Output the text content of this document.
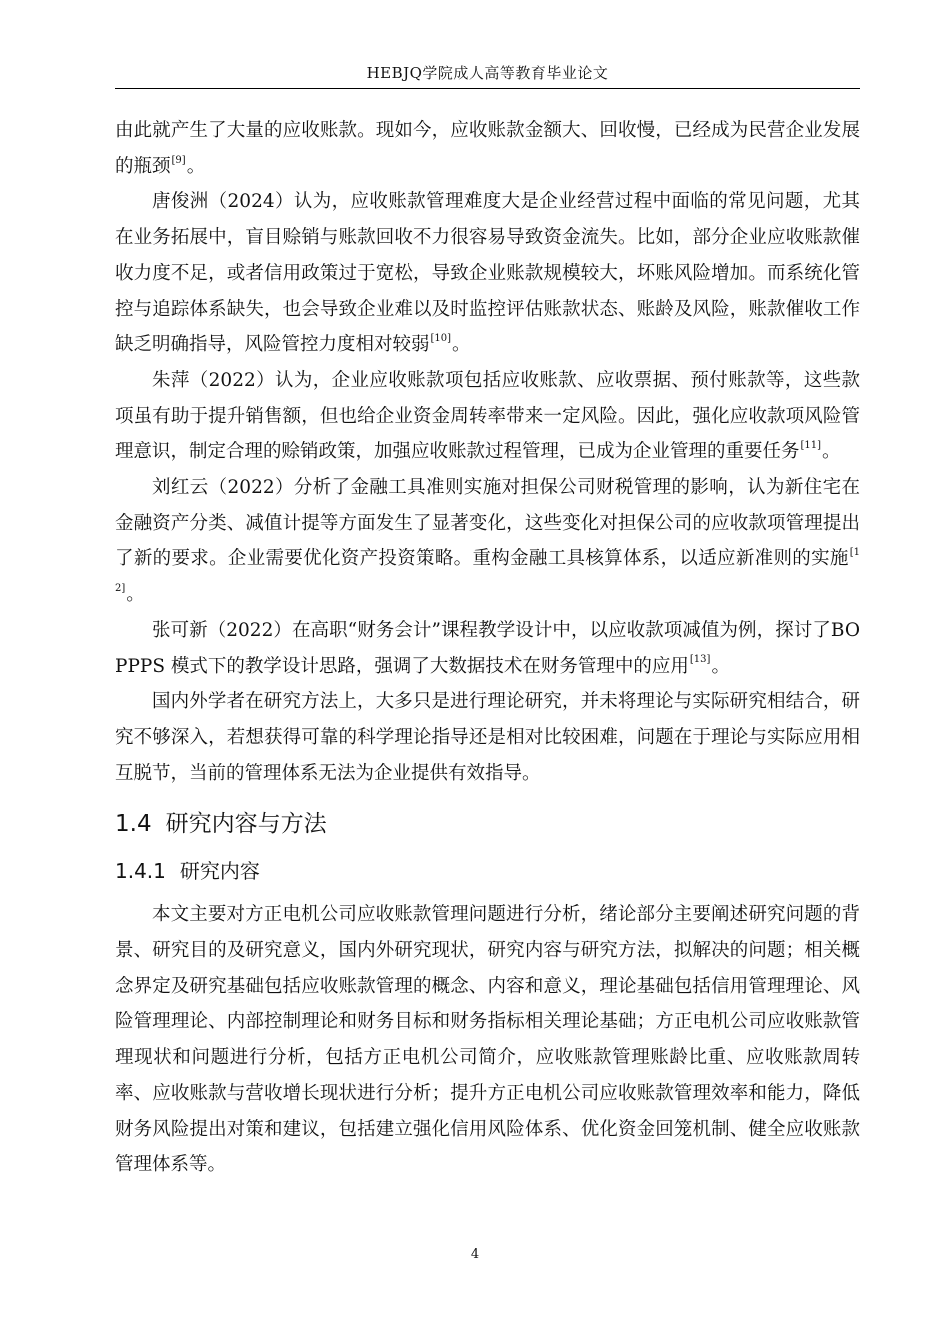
HEBJQ学院成人高等教育毕业论文

由此就产生了大量的应收账款。现如今，应收账款金额大、回收慢，已经成为民营企业发展的瓶颈[9]。

唐俊洲（2024）认为，应收账款管理难度大是企业经营过程中面临的常见问题，尤其在业务拓展中，盲目赊销与账款回收不力很容易导致资金流失。比如，部分企业应收账款催收力度不足，或者信用政策过于宽松，导致企业账款规模较大，坏账风险增加。而系统化管控与追踪体系缺失，也会导致企业难以及时监控评估账款状态、账龄及风险，账款催收工作缺乏明确指导，风险管控力度相对较弱[10]。

朱萍（2022）认为，企业应收账款项包括应收账款、应收票据、预付账款等，这些款项虽有助于提升销售额，但也给企业资金周转率带来一定风险。因此，强化应收款项风险管理意识，制定合理的赊销政策，加强应收账款过程管理，已成为企业管理的重要任务[11]。

刘红云（2022）分析了金融工具准则实施对担保公司财税管理的影响，认为新住宅在金融资产分类、减值计提等方面发生了显著变化，这些变化对担保公司的应收款项管理提出了新的要求。企业需要优化资产投资策略。重构金融工具核算体系，以适应新准则的实施[12]。

张可新（2022）在高职“财务会计”课程教学设计中，以应收款项减值为例，探讨了BOPPPS 模式下的教学设计思路，强调了大数据技术在财务管理中的应用[13]。

国内外学者在研究方法上，大多只是进行理论研究，并未将理论与实际研究相结合，研究不够深入，若想获得可靠的科学理论指导还是相对比较困难，问题在于理论与实际应用相互脱节，当前的管理体系无法为企业提供有效指导。

1.4 研究内容与方法
1.4.1 研究内容

本文主要对方正电机公司应收账款管理问题进行分析，绪论部分主要阐述研究问题的背景、研究目的及研究意义，国内外研究现状，研究内容与研究方法，拟解决的问题；相关概念界定及研究基础包括应收账款管理的概念、内容和意义，理论基础包括信用管理理论、风险管理理论、内部控制理论和财务目标和财务指标相关理论基础；方正电机公司应收账款管理现状和问题进行分析，包括方正电机公司简介，应收账款管理账龄比重、应收账款周转率、应收账款与营收增长现状进行分析；提升方正电机公司应收账款管理效率和能力，降低财务风险提出对策和建议，包括建立强化信用风险体系、优化资金回笼机制、健全应收账款管理体系等。

4
